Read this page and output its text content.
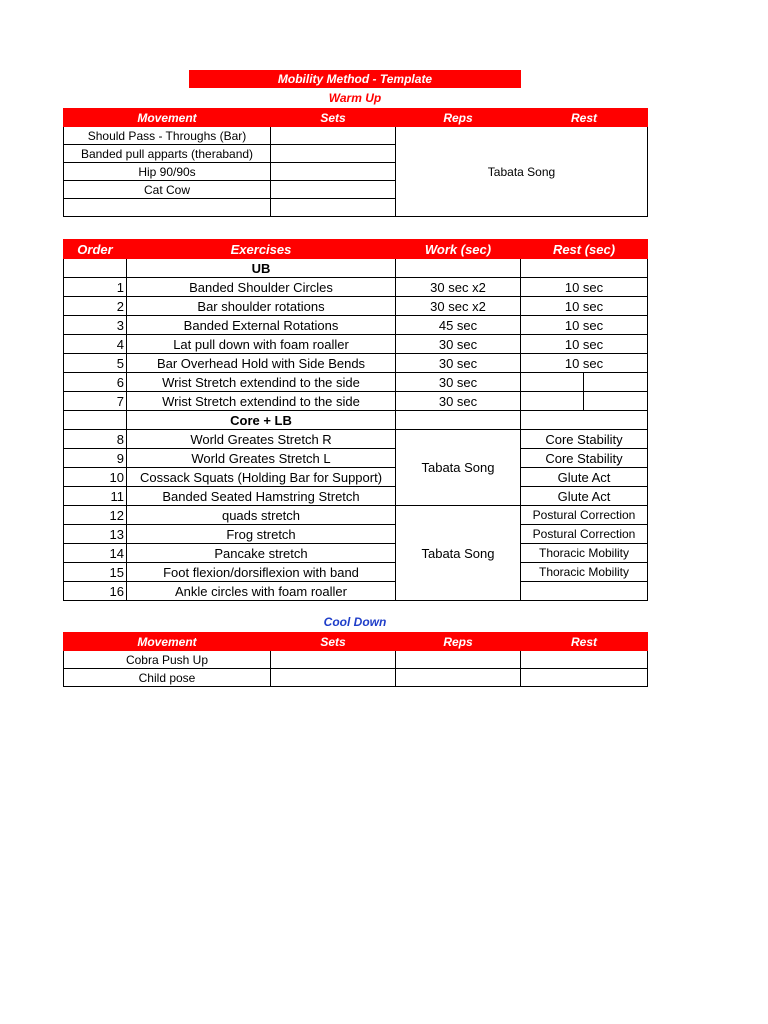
Mobility Method - Template
Warm Up
Movement	Sets	Reps	Rest
Should Pass - Throughs (Bar)		Tabata Song	
Banded pull apparts (theraband)			
Hip 90/90s			
Cat Cow			

Order	Exercises	Work (sec)	Rest (sec)	
	UB			
1	Banded Shoulder Circles	30 sec x2	10 sec	
2	Bar shoulder rotations	30 sec x2	10 sec	
3	Banded External Rotations	45 sec	10 sec	
4	Lat pull down with foam roaller	30 sec	10 sec	
5	Bar Overhead Hold with Side Bends	30 sec	10 sec	
6	Wrist Stretch extendind to the side	30 sec		
7	Wrist Stretch extendind to the side	30 sec		
	Core + LB			
8	World Greates Stretch R	Tabata Song	Core Stability	
9	World Greates Stretch L		Core Stability	
10	Cossack Squats (Holding Bar for Support)		Glute Act	
11	Banded Seated Hamstring Stretch		Glute Act	
12	quads stretch	Tabata Song	Postural Correction	
13	Frog stretch		Postural Correction	
14	Pancake stretch		Thoracic Mobility	
15	Foot flexion/dorsiflexion with band		Thoracic Mobility	
16	Ankle circles with foam roaller			
Cool Down
Movement	Sets	Reps	Rest
Cobra Push Up			
Child pose			
